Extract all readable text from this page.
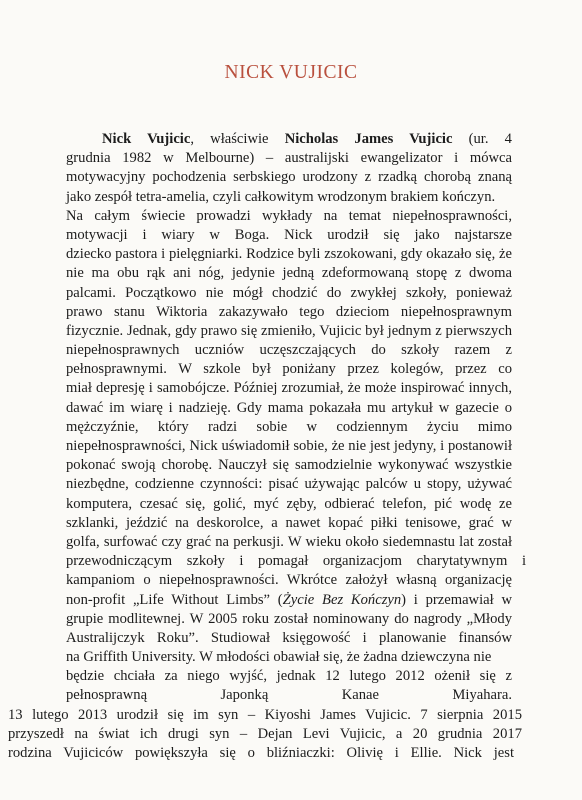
NICK VUJICIC
Nick Vujicic, właściwie Nicholas James Vujicic (ur. 4
grudnia 1982 w Melbourne) – australijski ewangelizator i mówca
motywacyjny pochodzenia serbskiego urodzony z rzadką chorobą znaną
jako zespół tetra-amelia, czyli całkowitym wrodzonym brakiem kończyn.
Na całym świecie prowadzi wykłady na temat niepełnosprawności,
motywacji i wiary w Boga. Nick urodził się jako najstarsze
dziecko pastora i pielęgniarki. Rodzice byli zszokowani, gdy okazało się, że
nie ma obu rąk ani nóg, jedynie jedną zdeformowaną stopę z dwoma
palcami. Początkowo nie mógł chodzić do zwykłej szkoły, ponieważ
prawo stanu Wiktoria zakazywało tego dzieciom niepełnosprawnym
fizycznie. Jednak, gdy prawo się zmieniło, Vujicic był jednym z pierwszych
niepełnosprawnych uczniów uczęszczających do szkoły razem z
pełnosprawnymi. W szkole był poniżany przez kolegów, przez co
miał depresję i samobójcze. Później zrozumiał, że może inspirować innych,
dawać im wiarę i nadzieję. Gdy mama pokazała mu artykuł w gazecie o
mężczyźnie, który radzi sobie w codziennym życiu mimo
niepełnosprawności, Nick uświadomił sobie, że nie jest jedyny, i postanowił
pokonać swoją chorobę. Nauczył się samodzielnie wykonywać wszystkie
niezbędne, codzienne czynności: pisać używając palców u stopy, używać
komputera, czesać się, golić, myć zęby, odbierać telefon, pić wodę ze
szklanki, jeździć na deskorolce, a nawet kopać piłki tenisowe, grać w
golfa, surfować czy grać na perkusji. W wieku około siedemnastu lat został
przewodniczącym szkoły i pomagał organizacjom charytatywnym i
kampaniom o niepełnosprawności. Wkrótce założył własną organizację
non-profit „Life Without Limbs” (Życie Bez Kończyn) i przemawiał w
grupie modlitewnej. W 2005 roku został nominowany do nagrody „Młody
Australijczyk Roku”. Studiował księgowość i planowanie finansów
na Griffith University. W młodości obawiał się, że żadna dziewczyna nie
będzie chciała za niego wyjść, jednak 12 lutego 2012 ożenił się z
pełnosprawną Japonką Kanae Miyahara.
13 lutego 2013 urodził się im syn – Kiyoshi James Vujicic. 7 sierpnia 2015
przyszedł na świat ich drugi syn – Dejan Levi Vujicic, a 20 grudnia 2017
rodzina Vujiciców powiększyła się o bliźniaczki: Olivię i Ellie. Nick jest
